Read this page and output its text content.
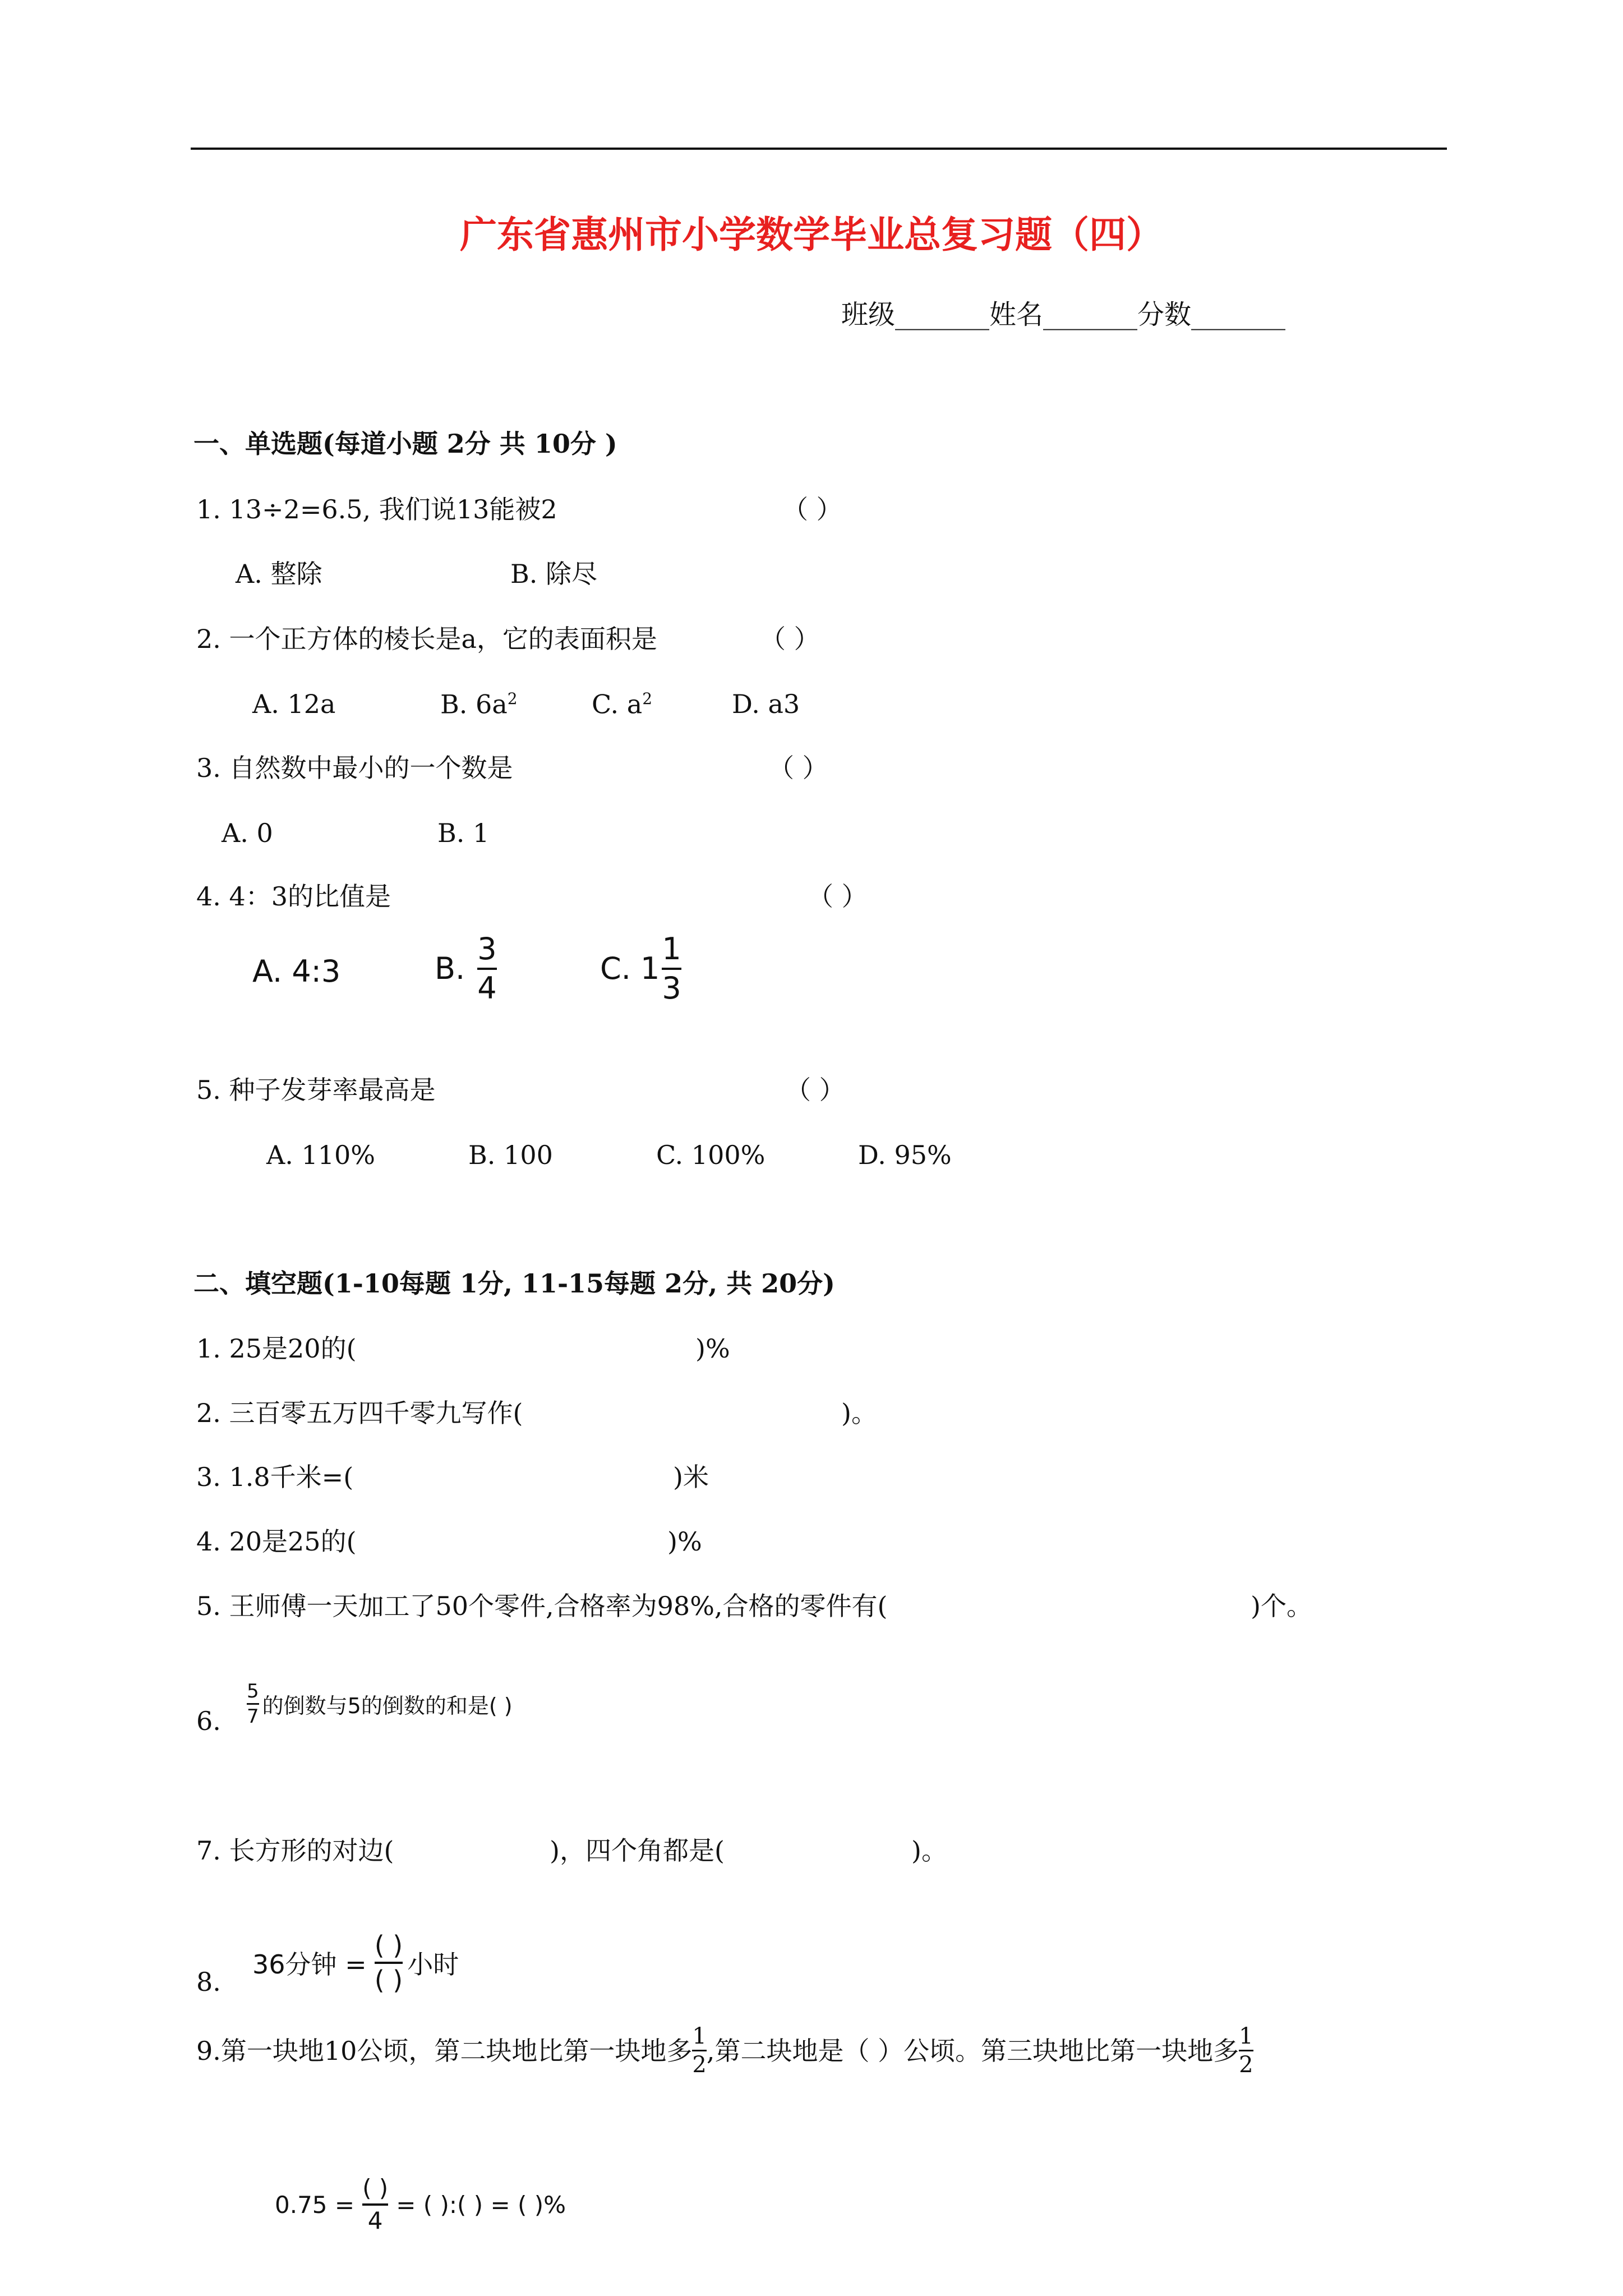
广东省惠州市小学数学毕业总复习题（四）
班级_______姓名_______分数_______
一、单选题(每道小题 2分 共 10分 )
1. 13÷2=6.5, 我们说13能被2	（ ）
A. 整除	B. 除尽
2. 一个正方体的棱长是a，它的表面积是	（ ）
A. 12a	B. $6a^2$	C. $a^2$	D. a3
3. 自然数中最小的一个数是	（ ）
A. 0	B. 1
4. 4：3的比值是	（ ）
A. 4:3	B. $\frac{3}{4}$	C. $1 \frac{1}{3}$
5. 种子发芽率最高是	（ ）
A. 110%	B. 100	C. 100%	D. 95%
二、填空题(1-10每题 1分, 11-15每题 2分, 共 20分)
1. 25是20的(	)%
2. 三百零五万四千零九写作(	)。
3. 1.8千米=(	)米
4. 20是25的(	)%
5. 王师傅一天加工了50个零件,合格率为98%,合格的零件有(	)个。
6. $\frac{5}{7}$ 的倒数与5的倒数的和是( )
7. 长方形的对边(	)，四个角都是(	)。
8.
36分钟 = $\frac{( )}{( )}$ 小时
9.第一块地10公顷，第二块地比第一块地多 $\frac{1}{2}$ ,第二块地是（ ）公顷。第三块地比第一块地多 $\frac{1}{2}$
$0.75 = \frac{( )}{4}$ = ( ):( ) = ( )%
